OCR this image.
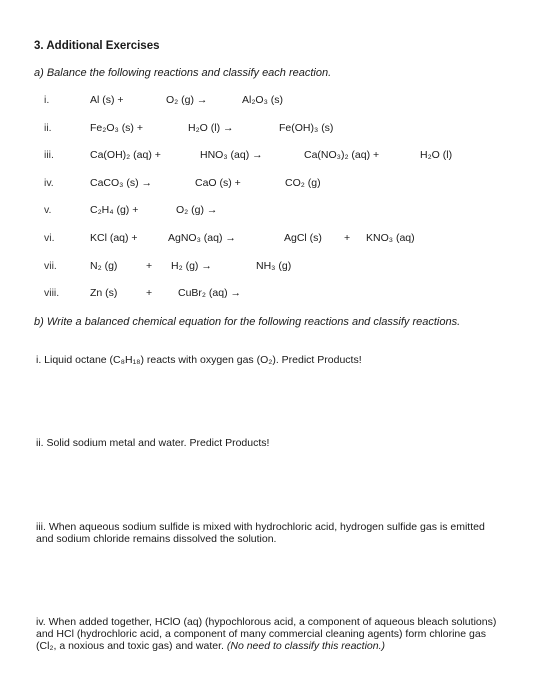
3. Additional Exercises
a) Balance the following reactions and classify each reaction.
i.	Al (s) +	O₂ (g) →	Al₂O₃ (s)
ii.	Fe₂O₃ (s) +	H₂O (l) →	Fe(OH)₃ (s)
iii.	Ca(OH)₂ (aq) +	HNO₃ (aq) →	Ca(NO₃)₂ (aq) +	H₂O (l)
iv.	CaCO₃ (s) →	CaO (s) +	CO₂ (g)
v.	C₂H₄ (g) +	O₂ (g) →
vi.	KCl (aq) +	AgNO₃ (aq) →	AgCl (s) + KNO₃ (aq)
vii.	N₂ (g)	+ H₂ (g) →	NH₃ (g)
viii.	Zn (s)	+ CuBr₂ (aq) →
b) Write a balanced chemical equation for the following reactions and classify reactions.
i. Liquid octane (C₈H₁₈) reacts with oxygen gas (O₂). Predict Products!
ii. Solid sodium metal and water. Predict Products!
iii. When aqueous sodium sulfide is mixed with hydrochloric acid, hydrogen sulfide gas is emitted and sodium chloride remains dissolved the solution.
iv. When added together, HClO (aq) (hypochlorous acid, a component of aqueous bleach solutions) and HCl (hydrochloric acid, a component of many commercial cleaning agents) form chlorine gas (Cl₂, a noxious and toxic gas) and water. (No need to classify this reaction.)
